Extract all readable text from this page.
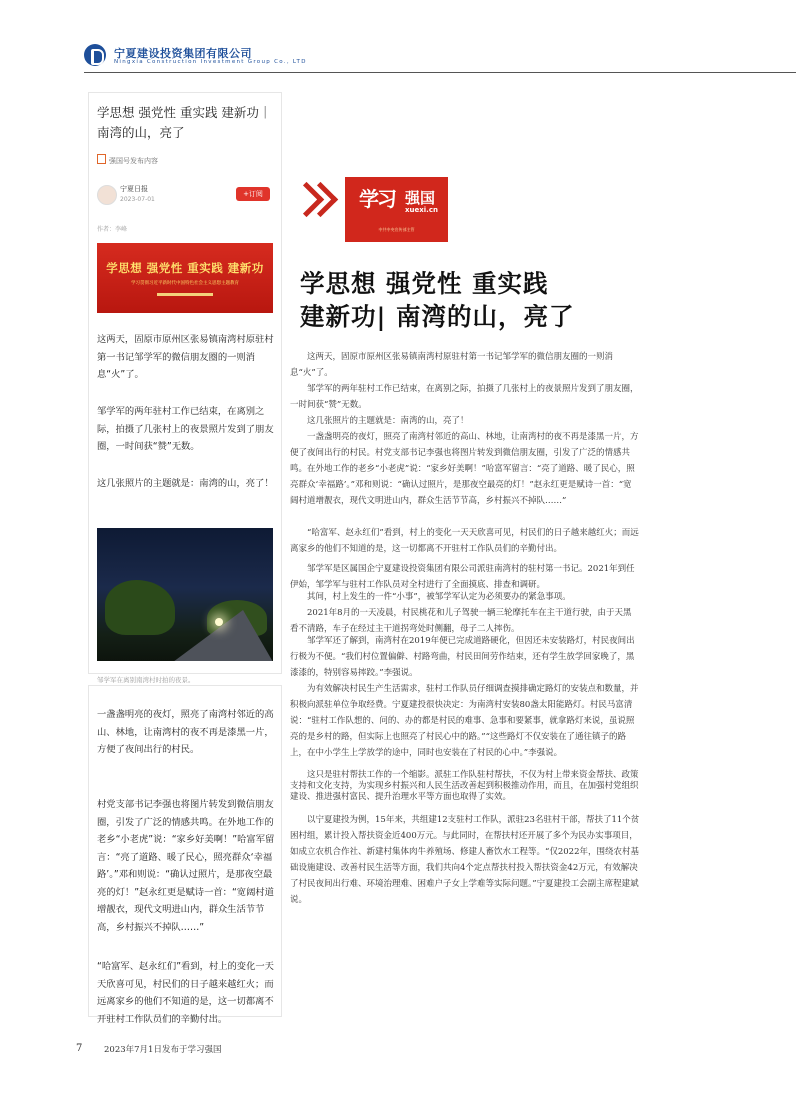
宁夏建设投资集团有限公司
Ningxia Construction Investment Group Co., LTD
学思想 强党性 重实践 建新功｜南湾的山，亮了
强国号发布内容
宁夏日报
2023-07-01
+订阅
作者：李峰
学思想 强党性 重实践 建新功
学习贯彻习近平新时代中国特色社会主义思想主题教育
这两天，固原市原州区张易镇南湾村原驻村第一书记邹学军的微信朋友圈的一则消息“火”了。
邹学军的两年驻村工作已结束，在离别之际，拍摄了几张村上的夜景照片发到了朋友圈，一时间获“赞”无数。
这几张照片的主题就是：南湾的山，亮了！
邹学军在离别南湾村时拍的夜景。
一盏盏明亮的夜灯，照亮了南湾村邻近的高山、林地，让南湾村的夜不再是漆黑一片，方便了夜间出行的村民。
村党支部书记李强也将图片转发到微信朋友圈，引发了广泛的情感共鸣。在外地工作的老乡“小老虎”说：“家乡好美啊！”哈富军留言：“亮了道路、暖了民心，照亮群众‘幸福路’。”邓和则说：“确认过照片，是那夜空最亮的灯！”赵永红更是赋诗一首：“宽阔村道增靓衣，现代文明进山内，群众生活节节高，乡村振兴不掉队……”
“哈富军、赵永红们”看到，村上的变化一天天欣喜可见，村民们的日子越来越红火；而远离家乡的他们不知道的是，这一切都离不开驻村工作队员们的辛勤付出。
学习 强国
xuexi.cn
中共中央宣传部主管
学思想 强党性 重实践
建新功| 南湾的山，亮了

这两天，固原市原州区张易镇南湾村原驻村第一书记邹学军的微信朋友圈的一则消息“火”了。

邹学军的两年驻村工作已结束，在离别之际，拍摄了几张村上的夜景照片发到了朋友圈，一时间获“赞”无数。

这几张照片的主题就是：南湾的山，亮了！

一盏盏明亮的夜灯，照亮了南湾村邻近的高山、林地，让南湾村的夜不再是漆黑一片，方便了夜间出行的村民。村党支部书记李强也将图片转发到微信朋友圈，引发了广泛的情感共鸣。在外地工作的老乡“小老虎”说：“家乡好美啊！”哈富军留言：“亮了道路、暖了民心，照亮群众‘幸福路’。”邓和则说：“确认过照片，是那夜空最亮的灯！”赵永红更是赋诗一首：“宽阔村道增靓衣，现代文明进山内，群众生活节节高，乡村振兴不掉队……”

“哈富军、赵永红们”看到，村上的变化一天天欣喜可见，村民们的日子越来越红火；而远离家乡的他们不知道的是，这一切都离不开驻村工作队员们的辛勤付出。

邹学军是区属国企宁夏建设投资集团有限公司派驻南湾村的驻村第一书记。2021年到任伊始，邹学军与驻村工作队员对全村进行了全面摸底、排查和调研。

其间，村上发生的一件“小事”，被邹学军认定为必须要办的紧急事项。

2021年8月的一天凌晨，村民桃花和儿子驾驶一辆三轮摩托车在主干道行驶，由于天黑看不清路，车子在经过主干道拐弯处时侧翻，母子二人摔伤。

邹学军还了解到，南湾村在2019年便已完成道路硬化，但因还未安装路灯，村民夜间出行极为不便。“我们村位置偏僻、村路弯曲，村民田间劳作结束，还有学生放学回家晚了，黑漆漆的，特别容易摔跤。”李强说。

为有效解决村民生产生活需求，驻村工作队员仔细调查摸排确定路灯的安装点和数量，并积极向派驻单位争取经费。宁夏建投很快决定：为南湾村安装80盏太阳能路灯。村民马富清说：“驻村工作队想的、问的、办的都是村民的难事、急事和要紧事，就拿路灯来说，虽说照亮的是乡村的路，但实际上也照亮了村民心中的路。”“这些路灯不仅安装在了通往镇子的路上，在中小学生上学放学的途中，同时也安装在了村民的心中。”李强说。

这只是驻村帮扶工作的一个缩影。派驻工作队驻村帮扶，不仅为村上带来资金帮扶、政策支持和文化支持，为实现乡村振兴和人民生活改善起到积极推动作用，而且，在加强村党组织建设、推进强村富民、提升治理水平等方面也取得了实效。

以宁夏建投为例，15年来，共组建12支驻村工作队，派驻23名驻村干部，帮扶了11个贫困村组，累计投入帮扶资金近400万元。与此同时，在帮扶村还开展了多个为民办实事项目，如成立农机合作社、新建村集体肉牛养殖场、修建人畜饮水工程等。“仅2022年，围绕农村基础设施建设、改善村民生活等方面，我们共向4个定点帮扶村投入帮扶资金42万元，有效解决了村民夜间出行难、环境治理难、困难户子女上学难等实际问题。”宁夏建投工会副主席程建斌说。

7	2023年7月1日发布于学习强国
